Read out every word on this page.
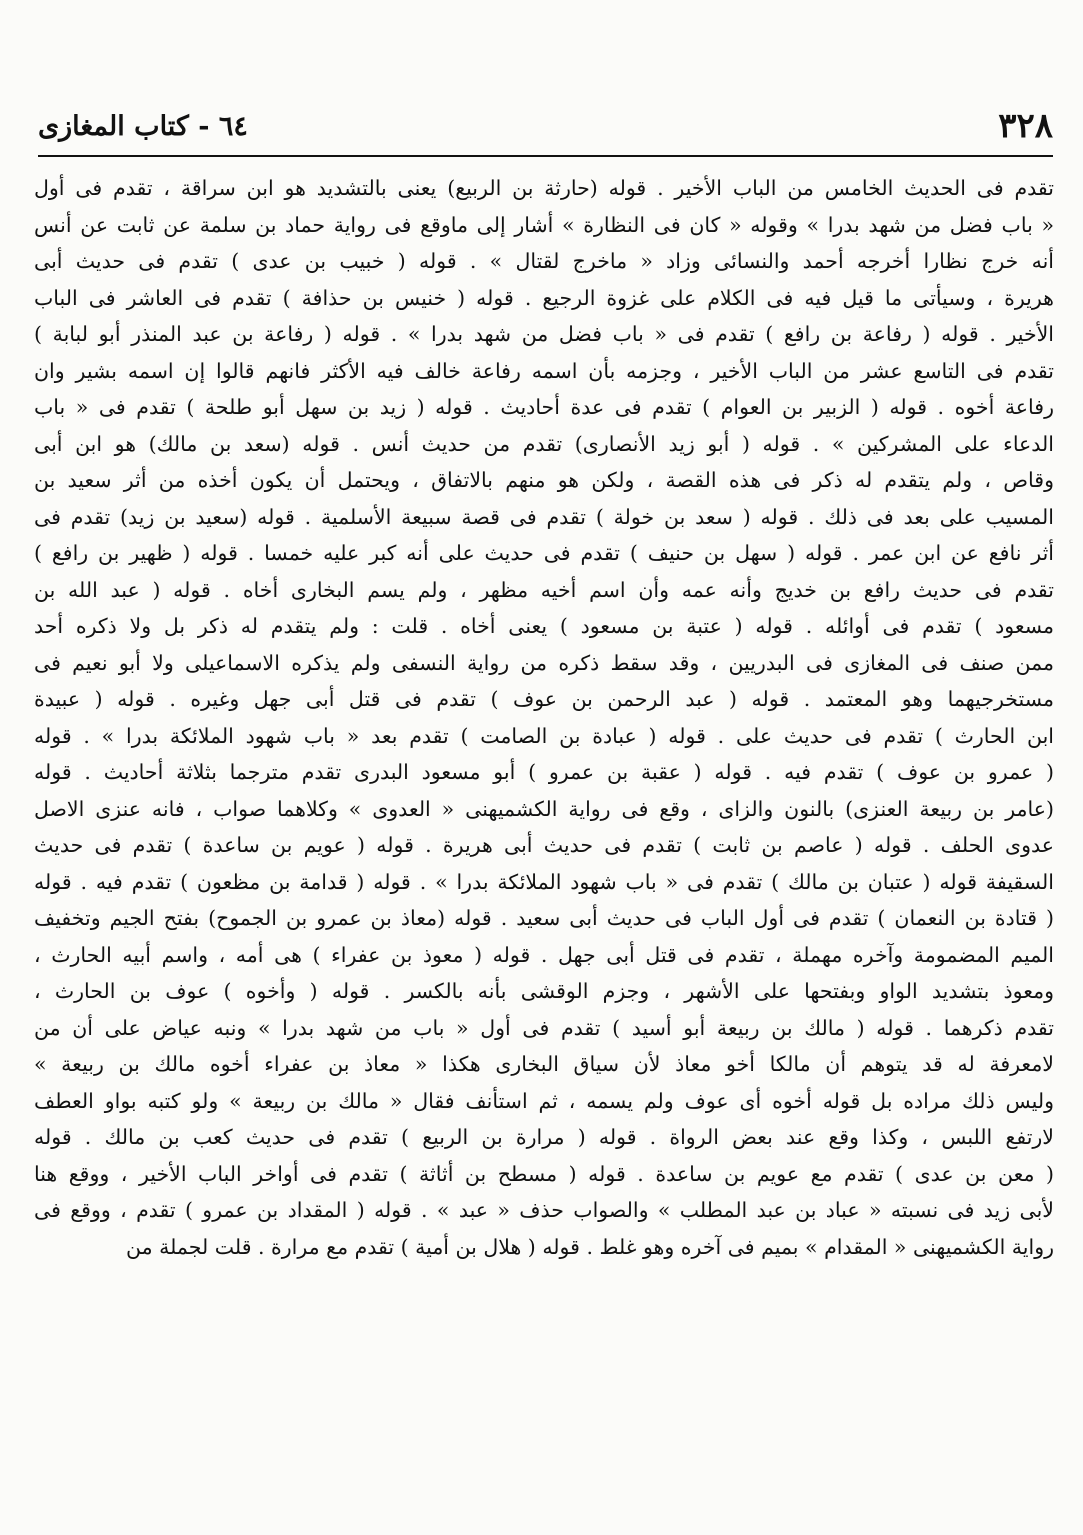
٣٢٨
٦٤ - كتاب المغازى
تقدم فى الحديث الخامس من الباب الأخير . قوله (حارثة بن الربيع) يعنى بالتشديد هو ابن سراقة ، تقدم فى أول
« باب فضل من شهد بدرا » وقوله « كان فى النظارة » أشار إلى ماوقع فى رواية حماد بن سلمة عن ثابت عن أنس
أنه خرج نظارا أخرجه أحمد والنسائى وزاد « ماخرج لقتال » . قوله ( خبيب بن عدى ) تقدم فى حديث أبى
هريرة ، وسيأتى ما قيل فيه فى الكلام على غزوة الرجيع . قوله ( خنيس بن حذافة ) تقدم فى العاشر فى الباب
الأخير . قوله ( رفاعة بن رافع ) تقدم فى « باب فضل من شهد بدرا » . قوله ( رفاعة بن عبد المنذر أبو لبابة )
تقدم فى التاسع عشر من الباب الأخير ، وجزمه بأن اسمه رفاعة خالف فيه الأكثر فانهم قالوا إن اسمه بشير وان
رفاعة أخوه . قوله ( الزبير بن العوام ) تقدم فى عدة أحاديث . قوله ( زيد بن سهل أبو طلحة ) تقدم فى « باب
الدعاء على المشركين » . قوله ( أبو زيد الأنصارى) تقدم من حديث أنس . قوله (سعد بن مالك) هو ابن أبى
وقاص ، ولم يتقدم له ذكر فى هذه القصة ، ولكن هو منهم بالاتفاق ، ويحتمل أن يكون أخذه من أثر سعيد بن
المسيب على بعد فى ذلك . قوله ( سعد بن خولة ) تقدم فى قصة سبيعة الأسلمية . قوله (سعيد بن زيد) تقدم فى
أثر نافع عن ابن عمر . قوله ( سهل بن حنيف ) تقدم فى حديث على أنه كبر عليه خمسا . قوله ( ظهير بن رافع )
تقدم فى حديث رافع بن خديج وأنه عمه وأن اسم أخيه مظهر ، ولم يسم البخارى أخاه . قوله ( عبد الله بن
مسعود ) تقدم فى أوائله . قوله ( عتبة بن مسعود ) يعنى أخاه . قلت : ولم يتقدم له ذكر بل ولا ذكره أحد
ممن صنف فى المغازى فى البدريين ، وقد سقط ذكره من رواية النسفى ولم يذكره الاسماعيلى ولا أبو نعيم فى
مستخرجيهما وهو المعتمد . قوله ( عبد الرحمن بن عوف ) تقدم فى قتل أبى جهل وغيره . قوله ( عبيدة
ابن الحارث ) تقدم فى حديث على . قوله ( عبادة بن الصامت ) تقدم بعد « باب شهود الملائكة بدرا » . قوله
( عمرو بن عوف ) تقدم فيه . قوله ( عقبة بن عمرو ) أبو مسعود البدرى تقدم مترجما بثلاثة أحاديث . قوله
(عامر بن ربيعة العنزى) بالنون والزاى ، وقع فى رواية الكشميهنى « العدوى » وكلاهما صواب ، فانه عنزى الاصل
عدوى الحلف . قوله ( عاصم بن ثابت ) تقدم فى حديث أبى هريرة . قوله ( عويم بن ساعدة ) تقدم فى حديث
السقيفة قوله ( عتبان بن مالك ) تقدم فى « باب شهود الملائكة بدرا » . قوله ( قدامة بن مظعون ) تقدم فيه . قوله
( قتادة بن النعمان ) تقدم فى أول الباب فى حديث أبى سعيد . قوله (معاذ بن عمرو بن الجموح) بفتح الجيم وتخفيف
الميم المضمومة وآخره مهملة ، تقدم فى قتل أبى جهل . قوله ( معوذ بن عفراء ) هى أمه ، واسم أبيه الحارث ،
ومعوذ بتشديد الواو وبفتحها على الأشهر ، وجزم الوقشى بأنه بالكسر . قوله ( وأخوه ) عوف بن الحارث ،
تقدم ذكرهما . قوله ( مالك بن ربيعة أبو أسيد ) تقدم فى أول « باب من شهد بدرا » ونبه عياض على أن من
لامعرفة له قد يتوهم أن مالكا أخو معاذ لأن سياق البخارى هكذا « معاذ بن عفراء أخوه مالك بن ربيعة »
وليس ذلك مراده بل قوله أخوه أى عوف ولم يسمه ، ثم استأنف فقال « مالك بن ربيعة » ولو كتبه بواو العطف
لارتفع اللبس ، وكذا وقع عند بعض الرواة . قوله ( مرارة بن الربيع ) تقدم فى حديث كعب بن مالك . قوله
( معن بن عدى ) تقدم مع عويم بن ساعدة . قوله ( مسطح بن أثاثة ) تقدم فى أواخر الباب الأخير ، ووقع هنا
لأبى زيد فى نسبته « عباد بن عبد المطلب » والصواب حذف « عبد » . قوله ( المقداد بن عمرو ) تقدم ، ووقع فى
رواية الكشميهنى « المقدام » بميم فى آخره وهو غلط . قوله ( هلال بن أمية ) تقدم مع مرارة . قلت لجملة من
